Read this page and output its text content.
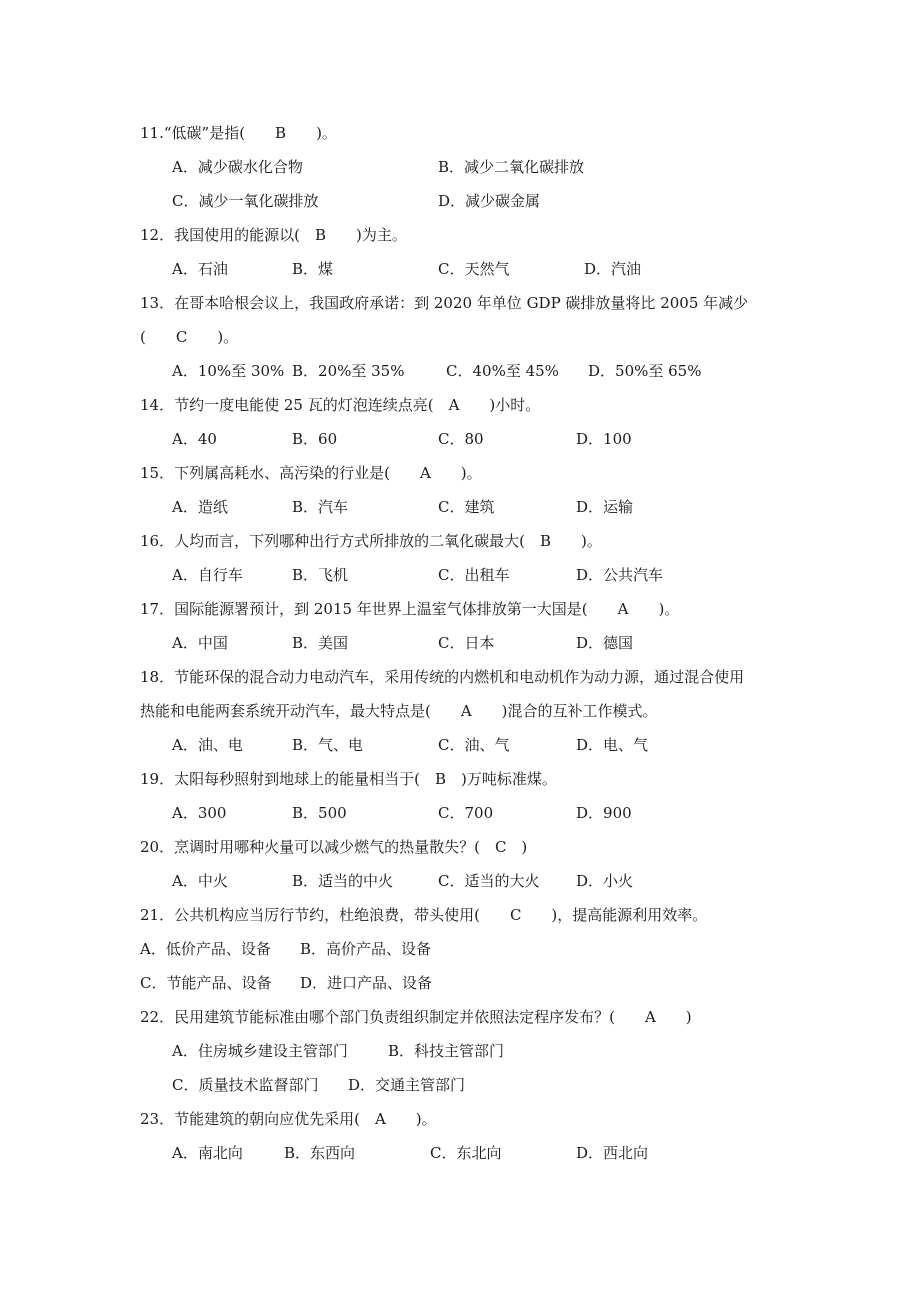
11.“低碳”是指(　　B　　)。
A．减少碳水化合物	B．减少二氧化碳排放
C．减少一氧化碳排放	D．减少碳金属
12．我国使用的能源以(　B　　)为主。
A．石油	B．煤	C．天然气	D．汽油
13．在哥本哈根会议上，我国政府承诺：到 2020 年单位 GDP 碳排放量将比 2005 年减少
(　　C　　)。
A．10%至 30% B．20%至 35%	C．40%至 45% D．50%至 65%
14．节约一度电能使 25 瓦的灯泡连续点亮(　A　　)小时。
A．40	B．60	C．80	D．100
15．下列属高耗水、高污染的行业是(　　A　　)。
A．造纸	B．汽车	C．建筑	D．运输
16．人均而言，下列哪种出行方式所排放的二氧化碳最大(　B　　)。
A．自行车	B．飞机	C．出租车	D．公共汽车
17．国际能源署预计，到 2015 年世界上温室气体排放第一大国是(　　A　　)。
A．中国	B．美国	C．日本	D．德国
18．节能环保的混合动力电动汽车，采用传统的内燃机和电动机作为动力源，通过混合使用
热能和电能两套系统开动汽车，最大特点是(　　A　　)混合的互补工作模式。
A．油、电	B．气、电	C．油、气	D．电、气
19．太阳每秒照射到地球上的能量相当于(　B　)万吨标准煤。
A．300	B．500	C．700	D．900
20．烹调时用哪种火量可以减少燃气的热量散失？(　C　)
A．中火	B．适当的中火	C．适当的大火 D．小火
21．公共机构应当厉行节约，杜绝浪费，带头使用(　　C　　)，提高能源利用效率。
A．低价产品、设备 B．高价产品、设备
C．节能产品、设备 D．进口产品、设备
22．民用建筑节能标准由哪个部门负责组织制定并依照法定程序发布？(　　A　　)
A．住房城乡建设主管部门	B．科技主管部门
C．质量技术监督部门 D．交通主管部门
23．节能建筑的朝向应优先采用(　A　　)。
A．南北向	B．东西向	C．东北向	D．西北向
